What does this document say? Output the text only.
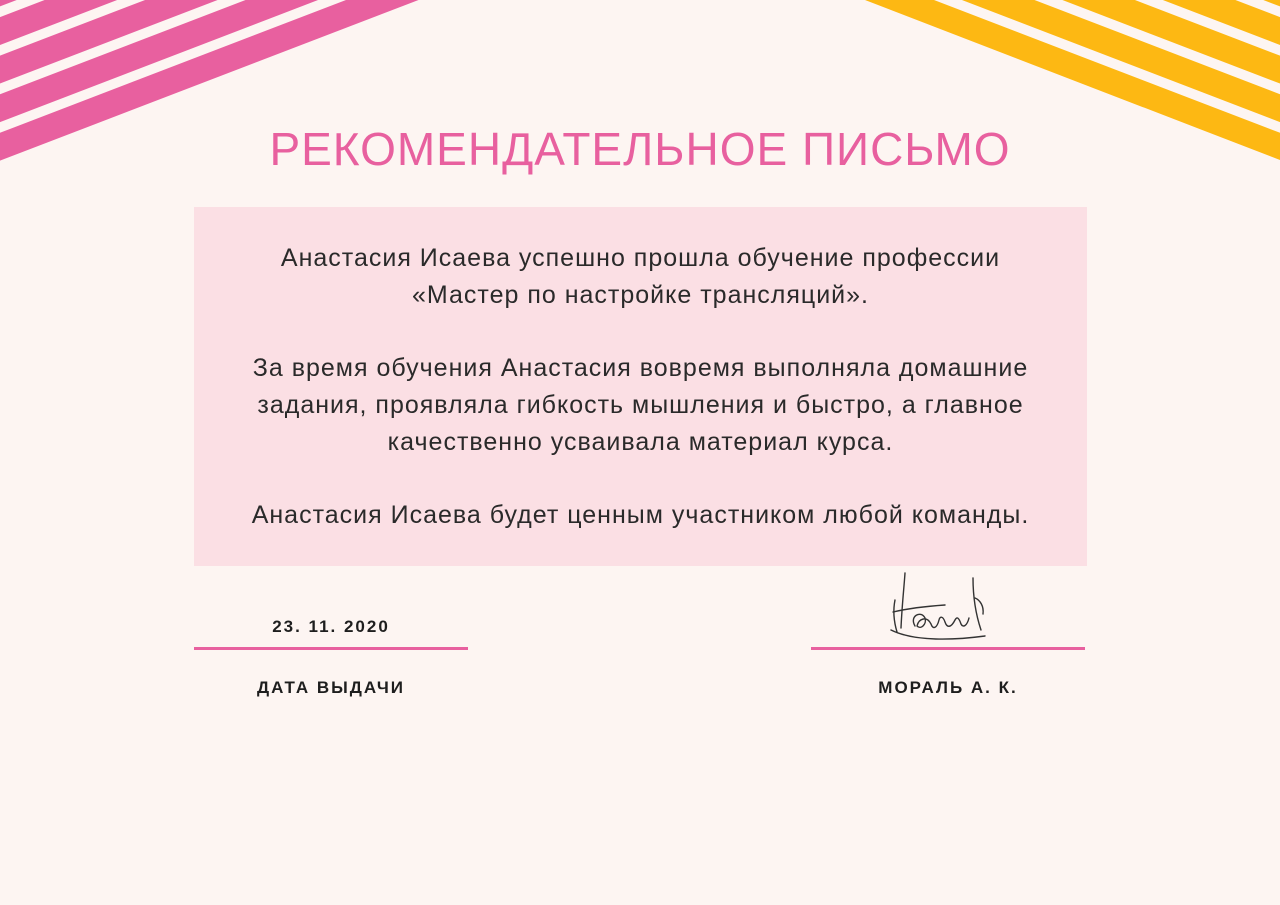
РЕКОМЕНДАТЕЛЬНОЕ ПИСЬМО
Анастасия Исаева успешно прошла обучение профессии
«Мастер по настройке трансляций».
За время обучения Анастасия вовремя выполняла домашние
задания, проявляла гибкость мышления и быстро, а главное
качественно усваивала материал курса.
Анастасия Исаева будет ценным участником любой команды.
23. 11. 2020
ДАТА ВЫДАЧИ	МОРАЛЬ А. К.
